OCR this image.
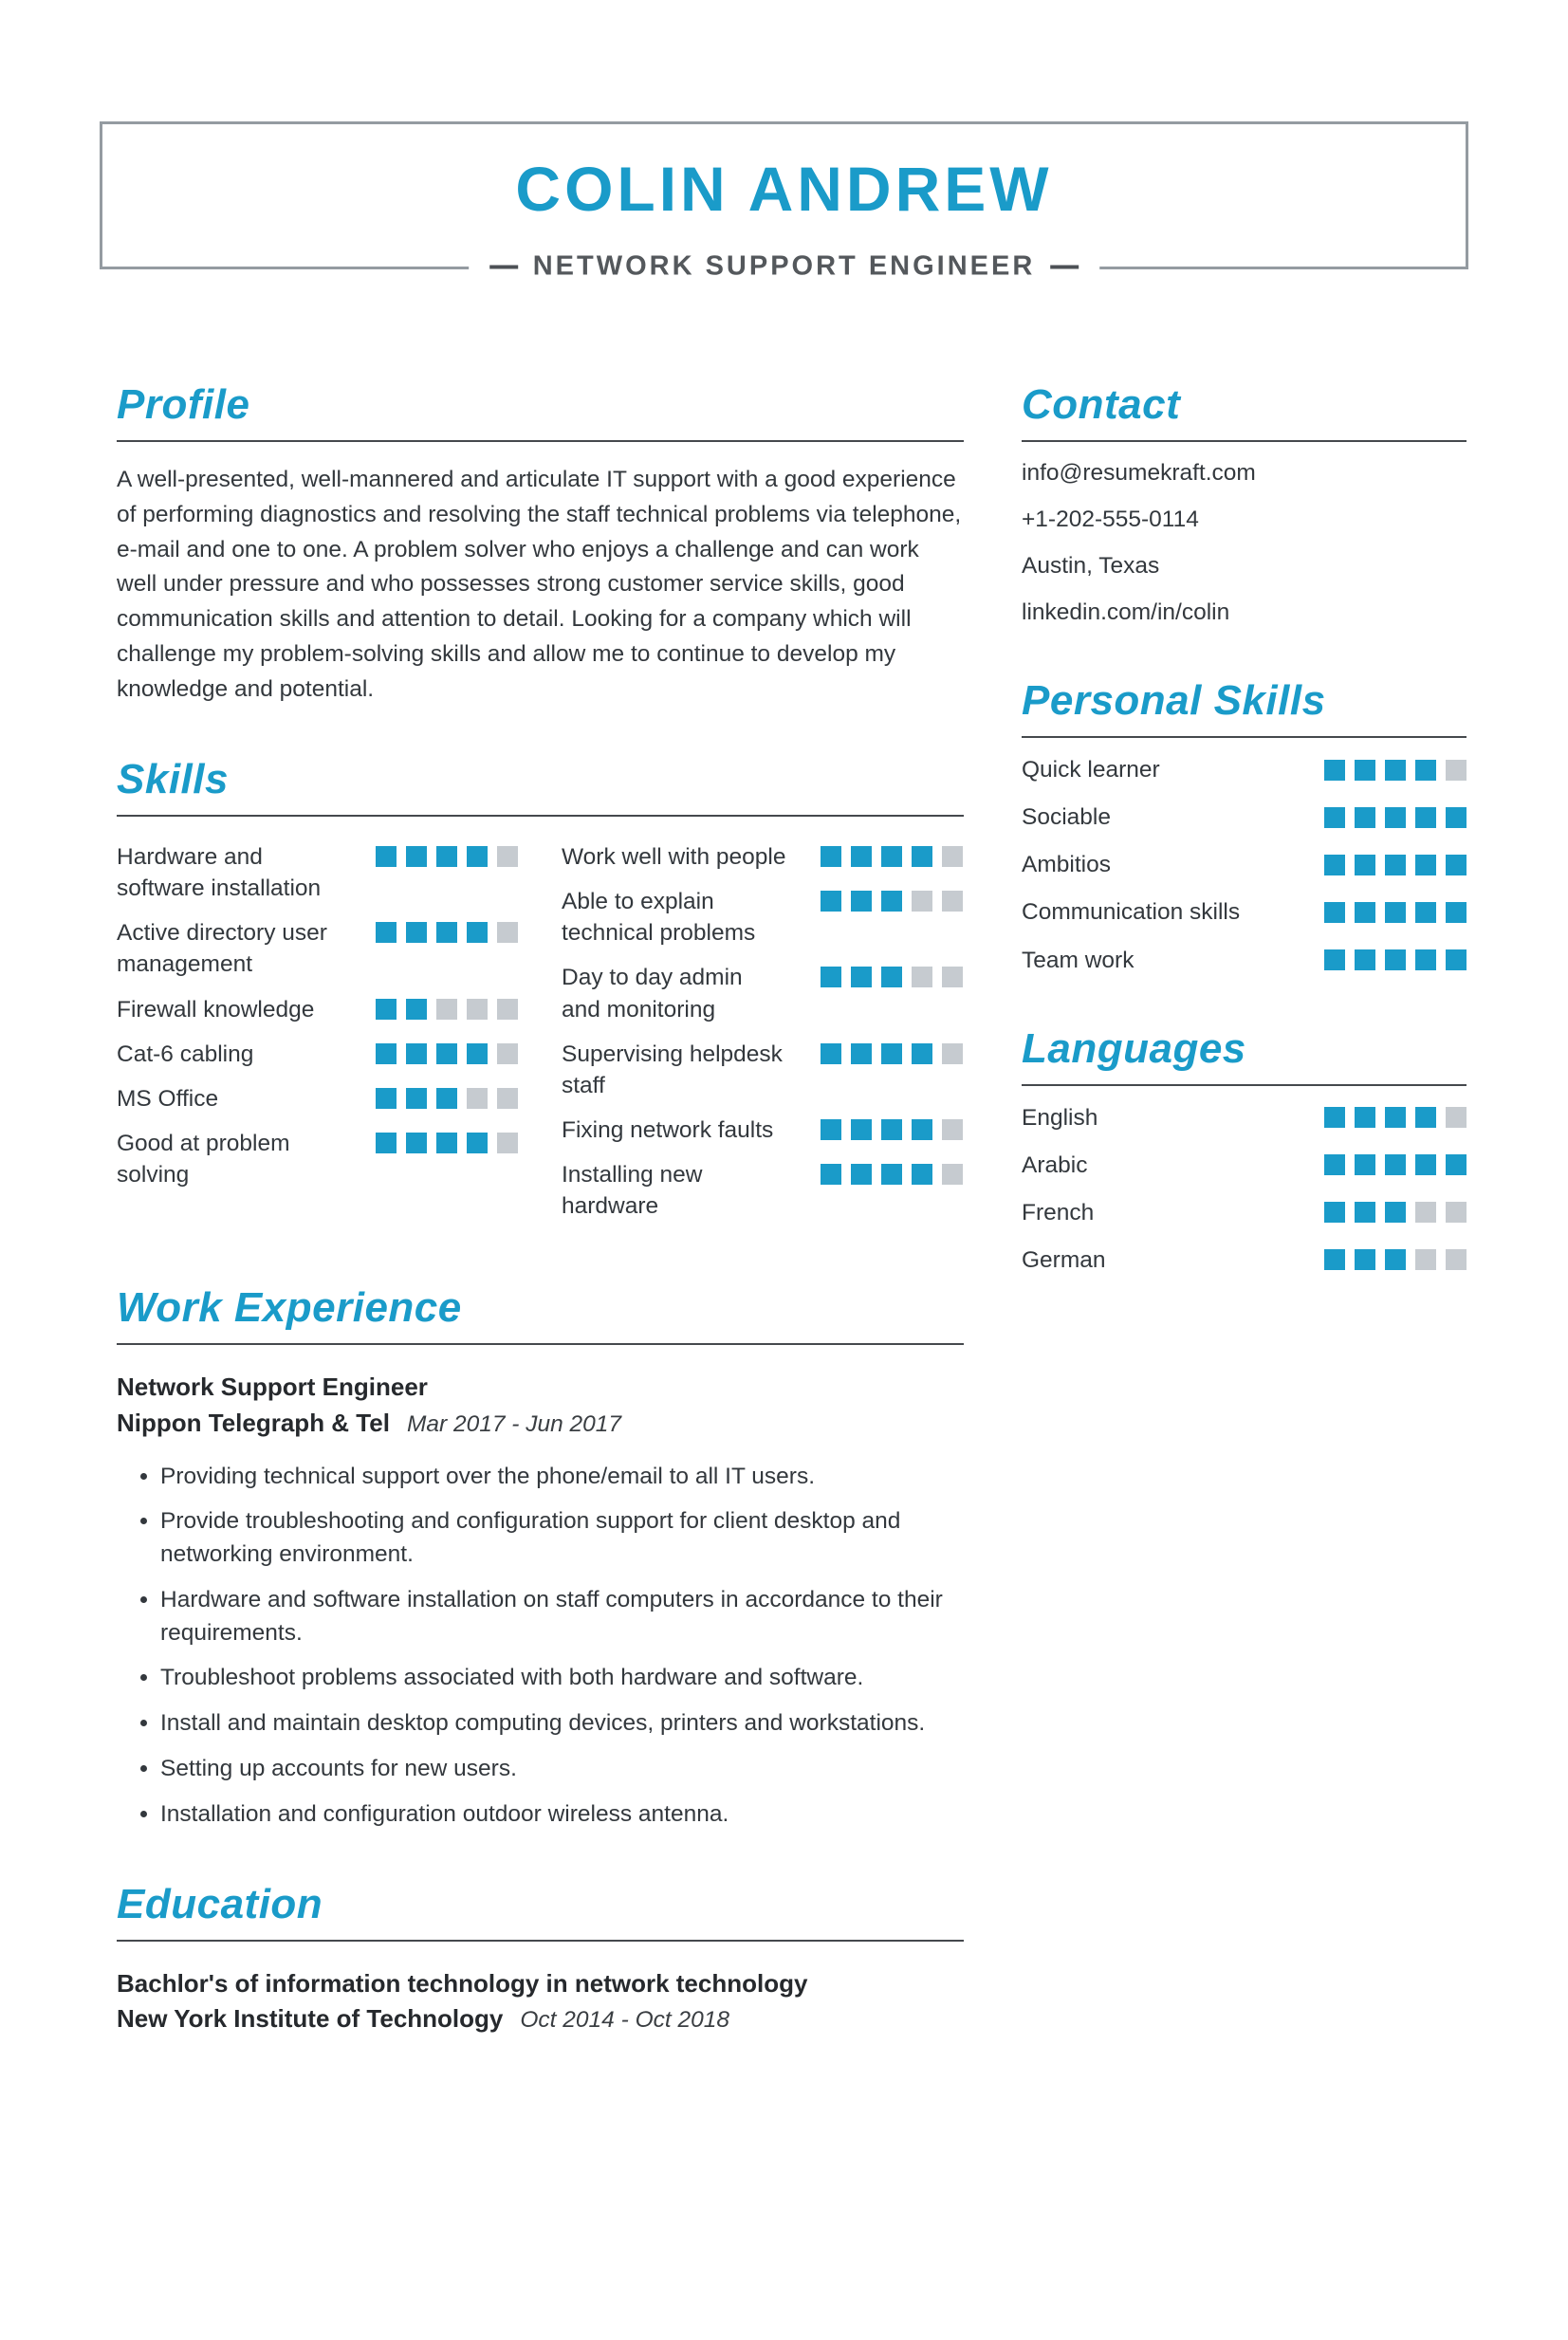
COLIN ANDREW
NETWORK SUPPORT ENGINEER
Profile

A well-presented, well-mannered and articulate IT support with a good experience of performing diagnostics and resolving the staff technical problems via telephone, e-mail and one to one. A problem solver who enjoys a challenge and can work well under pressure and who possesses strong customer service skills, good communication skills and attention to detail. Looking for a company which will challenge my problem-solving skills and allow me to continue to develop my knowledge and potential.

Skills
Hardware and software installation
Active directory user management
Firewall knowledge
Cat-6 cabling
MS Office
Good at problem solving
Work well with people
Able to explain technical problems
Day to day admin and monitoring
Supervising helpdesk staff
Fixing network faults
Installing new hardware
Work Experience
Network Support Engineer
Nippon Telegraph & Tel Mar 2017 - Jun 2017
• Providing technical support over the phone/email to all IT users.
• Provide troubleshooting and configuration support for client desktop and networking environment.
• Hardware and software installation on staff computers in accordance to their requirements.
• Troubleshoot problems associated with both hardware and software.
• Install and maintain desktop computing devices, printers and workstations.
• Setting up accounts for new users.
• Installation and configuration outdoor wireless antenna.
Education
Bachlor's of information technology in network technology
New York Institute of Technology Oct 2014 - Oct 2018
Contact
info@resumekraft.com
+1-202-555-0114
Austin, Texas
linkedin.com/in/colin
Personal Skills
Quick learner
Sociable
Ambitios
Communication skills
Team work
Languages
English
Arabic
French
German
